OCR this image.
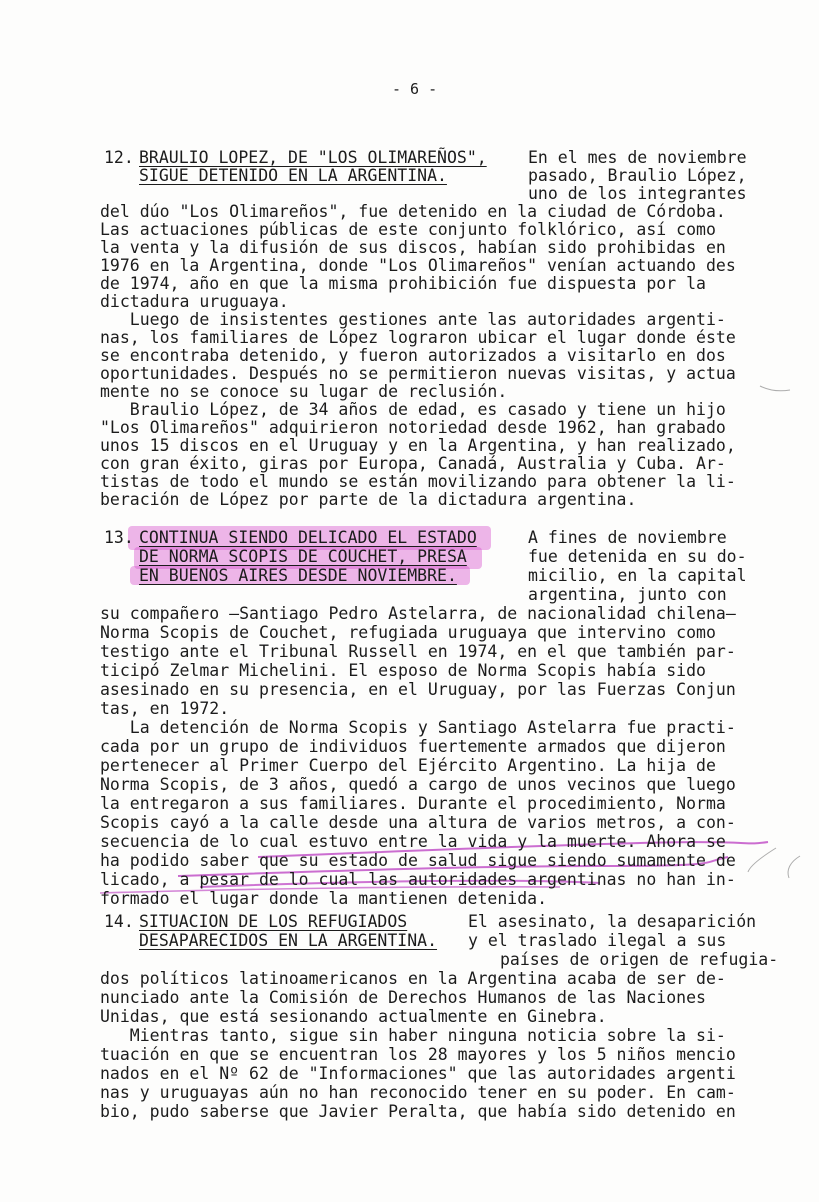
- 6 -
12. BRAULIO LOPEZ, DE "LOS OLIMAREÑOS",
SIGUE DETENIDO EN LA ARGENTINA.
En el mes de noviembre
pasado, Braulio López,
uno de los integrantes
del dúo "Los Olimareños", fue detenido en la ciudad de Córdoba.
Las actuaciones públicas de este conjunto folklórico, así como
la venta y la difusión de sus discos, habían sido prohibidas en
1976 en la Argentina, donde "Los Olimareños" venían actuando des
de 1974, año en que la misma prohibición fue dispuesta por la
dictadura uruguaya.
Luego de insistentes gestiones ante las autoridades argenti-
nas, los familiares de López lograron ubicar el lugar donde éste
se encontraba detenido, y fueron autorizados a visitarlo en dos
oportunidades. Después no se permitieron nuevas visitas, y actua
mente no se conoce su lugar de reclusión.
Braulio López, de 34 años de edad, es casado y tiene un hijo
"Los Olimareños" adquirieron notoriedad desde 1962, han grabado
unos 15 discos en el Uruguay y en la Argentina, y han realizado,
con gran éxito, giras por Europa, Canadá, Australia y Cuba. Ar-
tistas de todo el mundo se están movilizando para obtener la li-
beración de López por parte de la dictadura argentina.
13. CONTINUA SIENDO DELICADO EL ESTADO
DE NORMA SCOPIS DE COUCHET, PRESA
EN BUENOS AIRES DESDE NOVIEMBRE.
A fines de noviembre
fue detenida en su do-
micilio, en la capital
argentina, junto con
su compañero —Santiago Pedro Astelarra, de nacionalidad chilena—
Norma Scopis de Couchet, refugiada uruguaya que intervino como
testigo ante el Tribunal Russell en 1974, en el que también par-
ticipó Zelmar Michelini. El esposo de Norma Scopis había sido
asesinado en su presencia, en el Uruguay, por las Fuerzas Conjun
tas, en 1972.
La detención de Norma Scopis y Santiago Astelarra fue practi-
cada por un grupo de individuos fuertemente armados que dijeron
pertenecer al Primer Cuerpo del Ejército Argentino. La hija de
Norma Scopis, de 3 años, quedó a cargo de unos vecinos que luego
la entregaron a sus familiares. Durante el procedimiento, Norma
Scopis cayó a la calle desde una altura de varios metros, a con-
secuencia de lo cual estuvo entre la vida y la muerte. Ahora se
ha podido saber que su estado de salud sigue siendo sumamente de
licado, a pesar de lo cual las autoridades argentinas no han in-
formado el lugar donde la mantienen detenida.
14. SITUACION DE LOS REFUGIADOS
DESAPARECIDOS EN LA ARGENTINA.
El asesinato, la desaparición
y el traslado ilegal a sus
países de origen de refugia-
dos políticos latinoamericanos en la Argentina acaba de ser de-
nunciado ante la Comisión de Derechos Humanos de las Naciones
Unidas, que está sesionando actualmente en Ginebra.
Mientras tanto, sigue sin haber ninguna noticia sobre la si-
tuación en que se encuentran los 28 mayores y los 5 niños mencio
nados en el Nº 62 de "Informaciones" que las autoridades argenti
nas y uruguayas aún no han reconocido tener en su poder. En cam-
bio, pudo saberse que Javier Peralta, que había sido detenido en
